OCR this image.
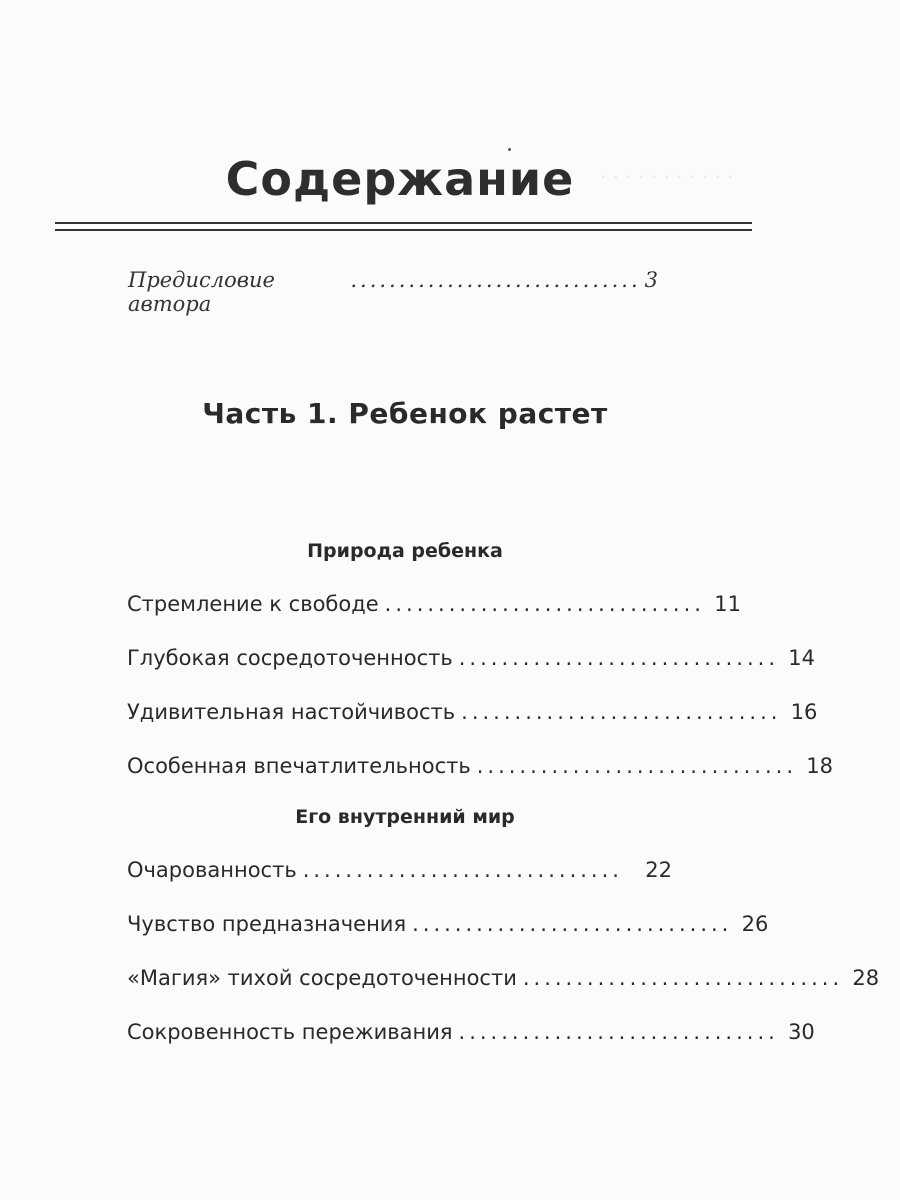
· · · · · · · · · · ·
Содержание
Предисловие автора
.............................. 3
Часть 1. Ребенок растет
Природа ребенка
Стремление к свободе .............................. 11
Глубокая сосредоточенность .............................. 14
Удивительная настойчивость .............................. 16
Особенная впечатлительность .............................. 18
Его внутренний мир
Очарованность ..............................	22
Чувство предназначения .............................. 26
«Магия» тихой сосредоточенности .............................. 28
Сокровенность переживания .............................. 30
